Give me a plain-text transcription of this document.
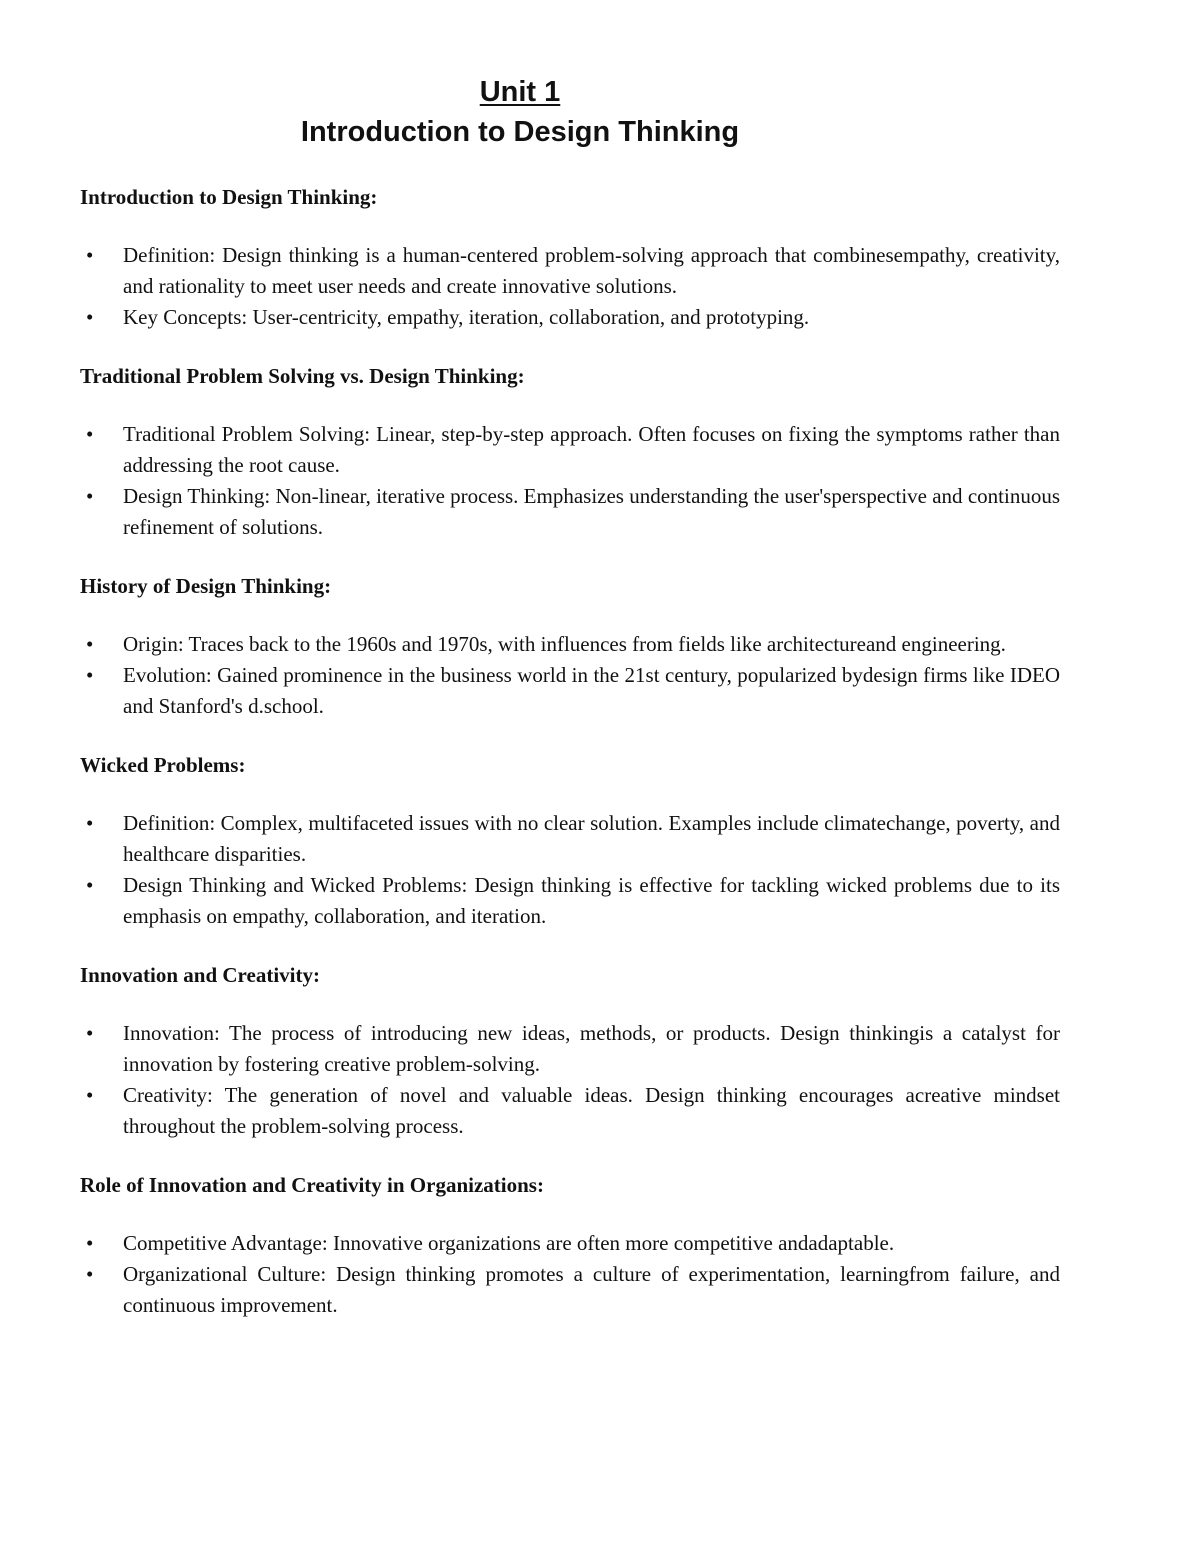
Unit 1
Introduction to Design Thinking

Introduction to Design Thinking:

• Definition: Design thinking is a human-centered problem-solving approach that combinesempathy, creativity, and rationality to meet user needs and create innovative solutions.
• Key Concepts: User-centricity, empathy, iteration, collaboration, and prototyping.

Traditional Problem Solving vs. Design Thinking:

• Traditional Problem Solving: Linear, step-by-step approach. Often focuses on fixing the symptoms rather than addressing the root cause.
• Design Thinking: Non-linear, iterative process. Emphasizes understanding the user'sperspective and continuous refinement of solutions.

History of Design Thinking:

• Origin: Traces back to the 1960s and 1970s, with influences from fields like architectureand engineering.
• Evolution: Gained prominence in the business world in the 21st century, popularized bydesign firms like IDEO and Stanford's d.school.

Wicked Problems:

• Definition: Complex, multifaceted issues with no clear solution. Examples include climatechange, poverty, and healthcare disparities.
• Design Thinking and Wicked Problems: Design thinking is effective for tackling wicked problems due to its emphasis on empathy, collaboration, and iteration.

Innovation and Creativity:

• Innovation: The process of introducing new ideas, methods, or products. Design thinkingis a catalyst for innovation by fostering creative problem-solving.
• Creativity: The generation of novel and valuable ideas. Design thinking encourages acreative mindset throughout the problem-solving process.

Role of Innovation and Creativity in Organizations:

• Competitive Advantage: Innovative organizations are often more competitive andadaptable.
• Organizational Culture: Design thinking promotes a culture of experimentation, learningfrom failure, and continuous improvement.
